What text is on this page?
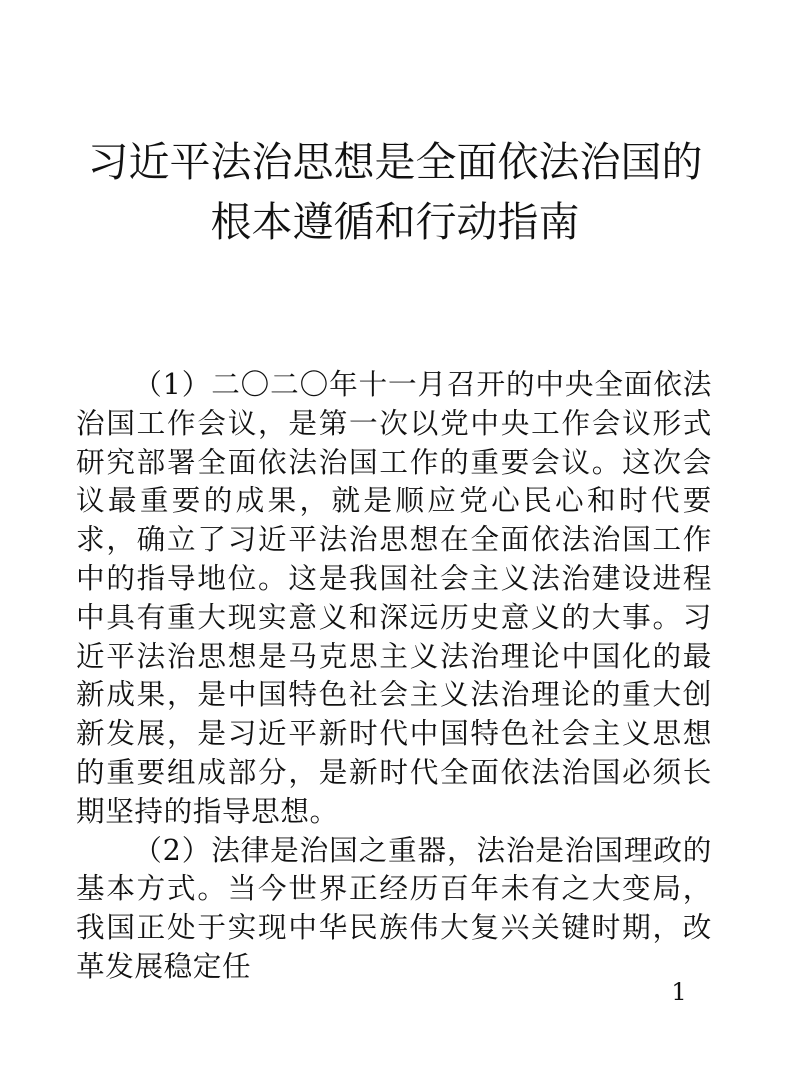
习近平法治思想是全面依法治国的
根本遵循和行动指南

（1）二〇二〇年十一月召开的中央全面依法治国工作会议，是第一次以党中央工作会议形式研究部署全面依法治国工作的重要会议。这次会议最重要的成果，就是顺应党心民心和时代要求，确立了习近平法治思想在全面依法治国工作中的指导地位。这是我国社会主义法治建设进程中具有重大现实意义和深远历史意义的大事。习近平法治思想是马克思主义法治理论中国化的最新成果，是中国特色社会主义法治理论的重大创新发展，是习近平新时代中国特色社会主义思想的重要组成部分，是新时代全面依法治国必须长期坚持的指导思想。

（2）法律是治国之重器，法治是治国理政的基本方式。当今世界正经历百年未有之大变局，我国正处于实现中华民族伟大复兴关键时期，改革发展稳定任

1
